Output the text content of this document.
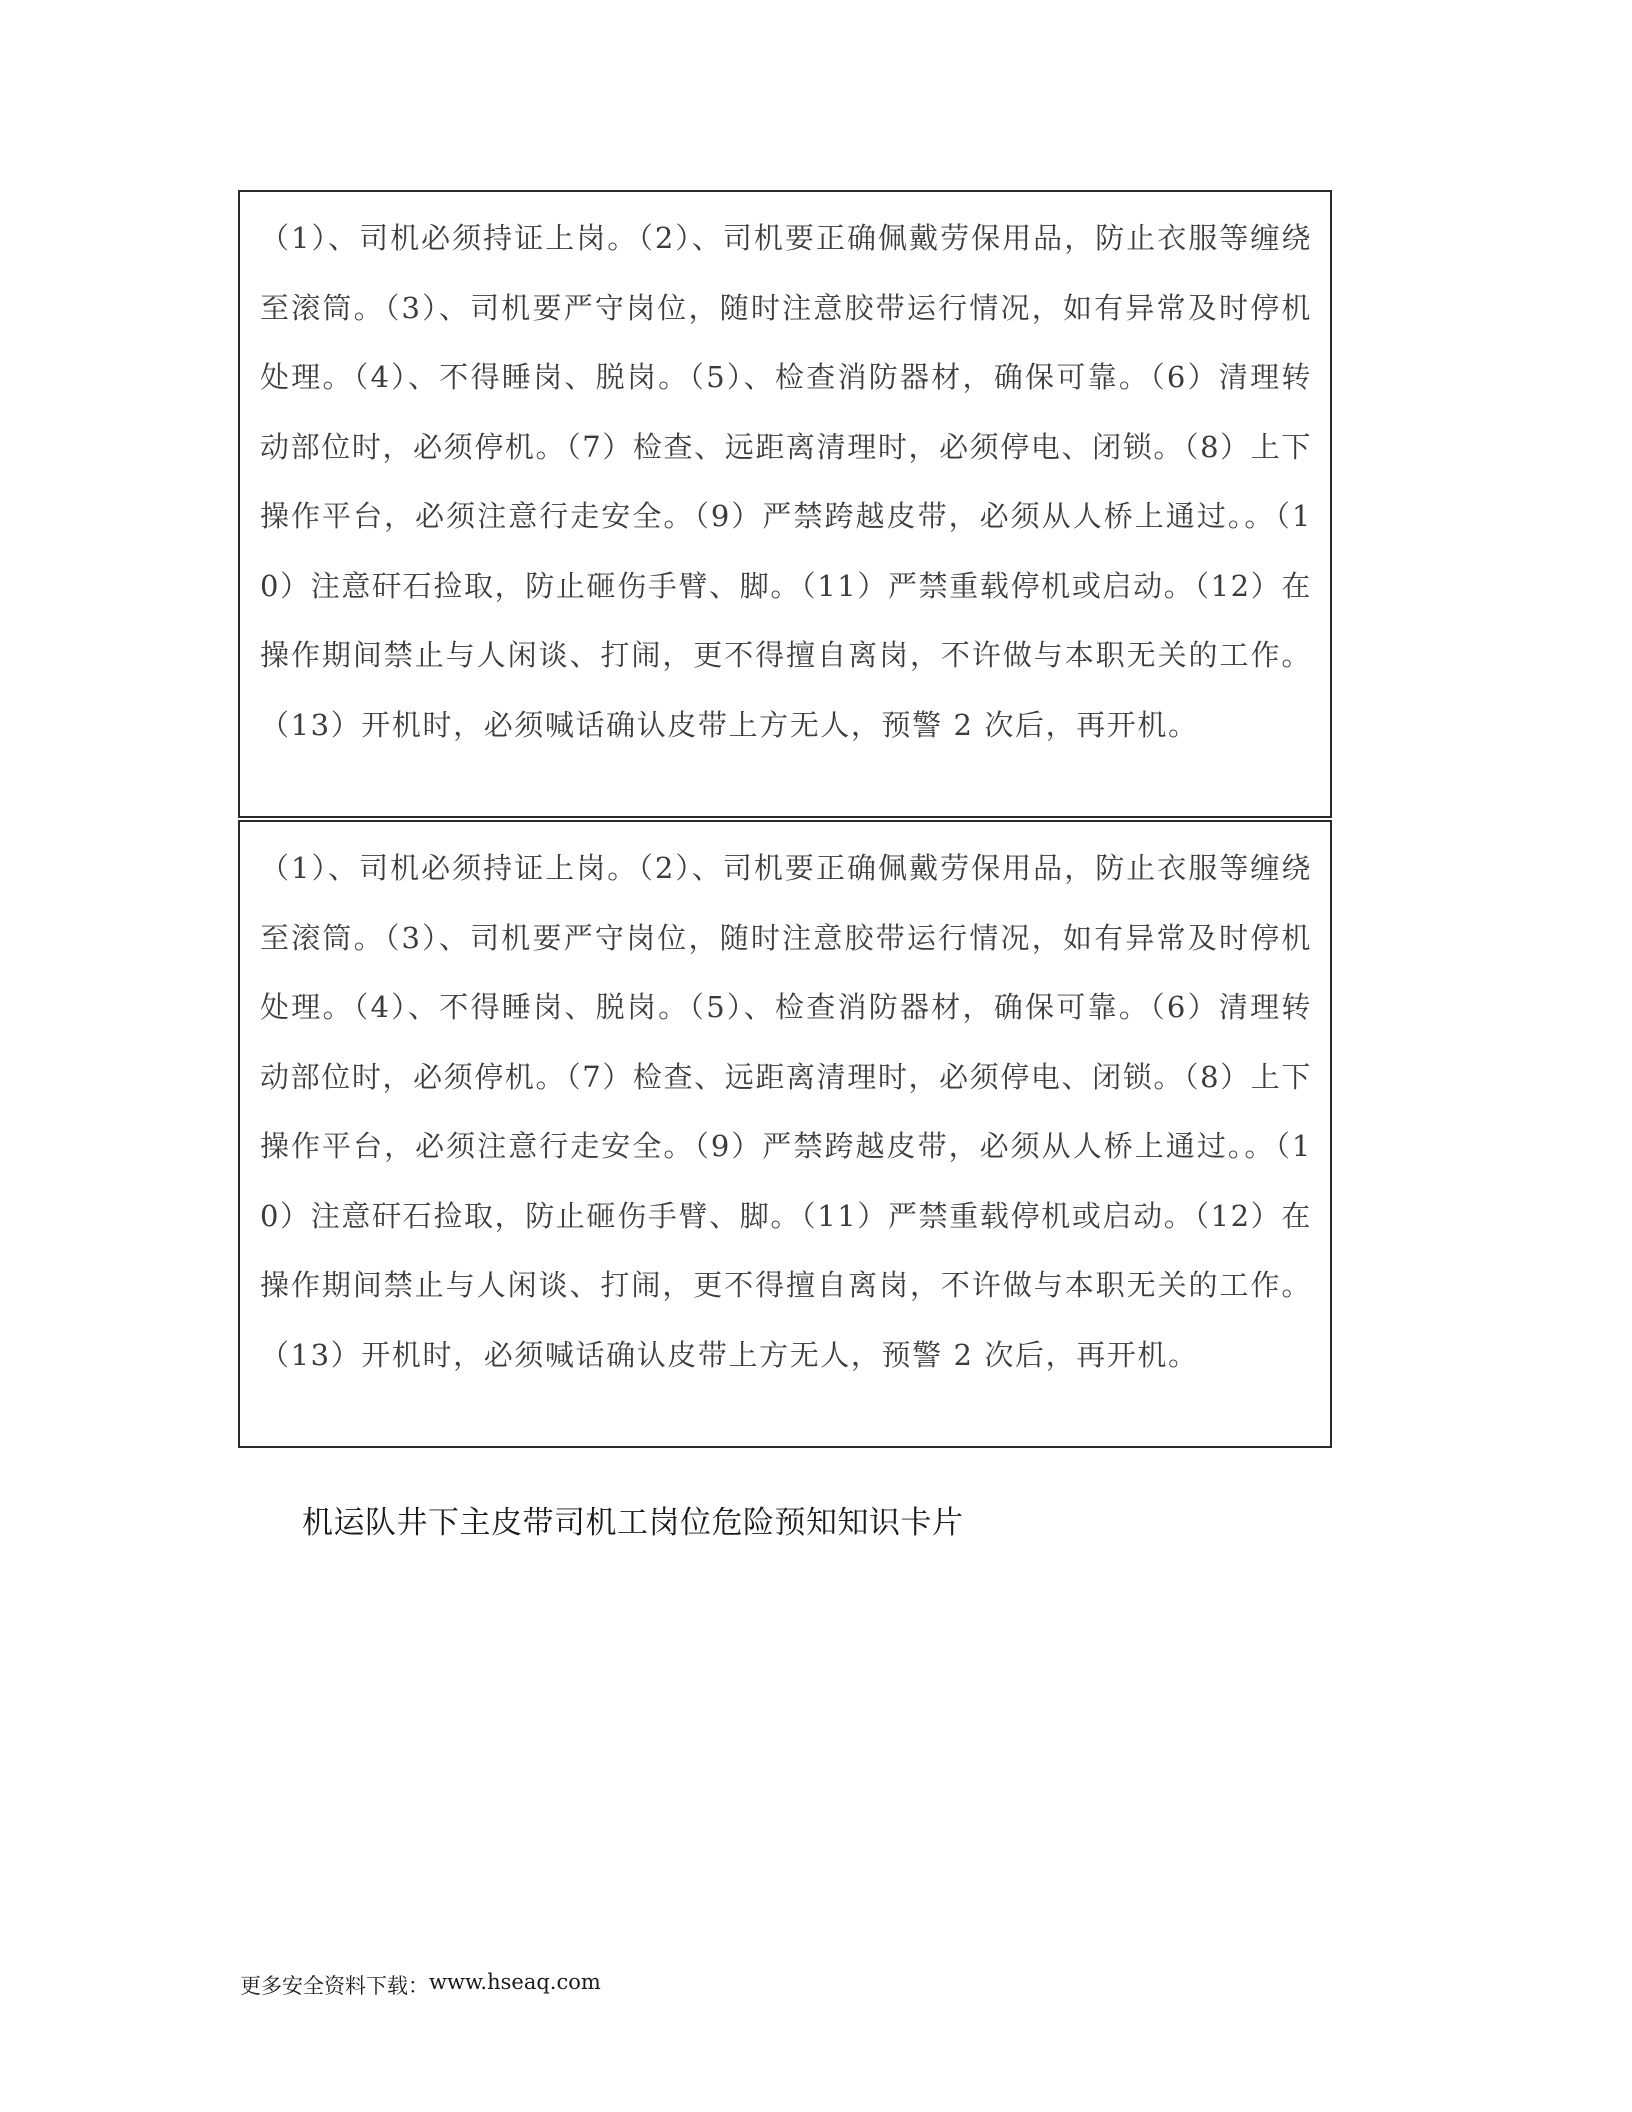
（1）、司机必须持证上岗。（2）、司机要正确佩戴劳保用品，防止衣服等缠绕至滚筒。（3）、司机要严守岗位，随时注意胶带运行情况，如有异常及时停机处理。（4）、不得睡岗、脱岗。（5）、检查消防器材，确保可靠。（6）清理转动部位时，必须停机。（7）检查、远距离清理时，必须停电、闭锁。（8）上下操作平台，必须注意行走安全。（9）严禁跨越皮带，必须从人桥上通过。。（10）注意矸石捡取，防止砸伤手臂、脚。（11）严禁重载停机或启动。（12）在操作期间禁止与人闲谈、打闹，更不得擅自离岗，不许做与本职无关的工作。（13）开机时，必须喊话确认皮带上方无人，预警 2 次后，再开机。

（1）、司机必须持证上岗。（2）、司机要正确佩戴劳保用品，防止衣服等缠绕至滚筒。（3）、司机要严守岗位，随时注意胶带运行情况，如有异常及时停机处理。（4）、不得睡岗、脱岗。（5）、检查消防器材，确保可靠。（6）清理转动部位时，必须停机。（7）检查、远距离清理时，必须停电、闭锁。（8）上下操作平台，必须注意行走安全。（9）严禁跨越皮带，必须从人桥上通过。。（10）注意矸石捡取，防止砸伤手臂、脚。（11）严禁重载停机或启动。（12）在操作期间禁止与人闲谈、打闹，更不得擅自离岗，不许做与本职无关的工作。（13）开机时，必须喊话确认皮带上方无人，预警 2 次后，再开机。

机运队井下主皮带司机工岗位危险预知知识卡片
更多安全资料下载： www.hseaq.com
